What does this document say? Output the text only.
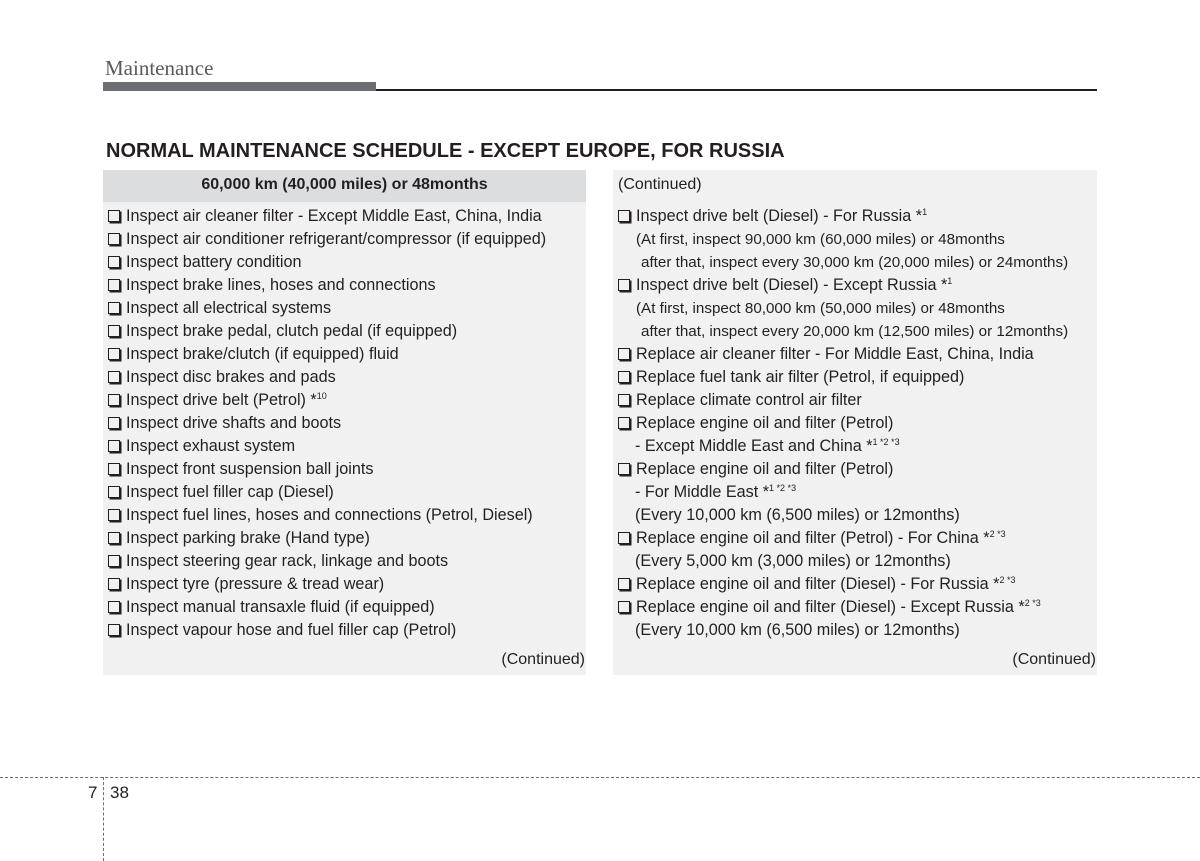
Maintenance
NORMAL MAINTENANCE SCHEDULE - EXCEPT EUROPE, FOR RUSSIA
60,000 km (40,000 miles) or 48months
Inspect air cleaner filter - Except Middle East, China, India
Inspect air conditioner refrigerant/compressor (if equipped)
Inspect battery condition
Inspect brake lines, hoses and connections
Inspect all electrical systems
Inspect brake pedal, clutch pedal (if equipped)
Inspect brake/clutch (if equipped) fluid
Inspect disc brakes and pads
Inspect drive belt (Petrol) *$^{10}$
Inspect drive shafts and boots
Inspect exhaust system
Inspect front suspension ball joints
Inspect fuel filler cap (Diesel)
Inspect fuel lines, hoses and connections (Petrol, Diesel)
Inspect parking brake (Hand type)
Inspect steering gear rack, linkage and boots
Inspect tyre (pressure & tread wear)
Inspect manual transaxle fluid (if equipped)
Inspect vapour hose and fuel filler cap (Petrol)
(Continued)
(Continued)
Inspect drive belt (Diesel) - For Russia *$^1$
(At first, inspect 90,000 km (60,000 miles) or 48months
after that, inspect every 30,000 km (20,000 miles) or 24months)
Inspect drive belt (Diesel) - Except Russia *$^1$
(At first, inspect 80,000 km (50,000 miles) or 48months
after that, inspect every 20,000 km (12,500 miles) or 12months)
Replace air cleaner filter - For Middle East, China, India
Replace fuel tank air filter (Petrol, if equipped)
Replace climate control air filter
Replace engine oil and filter (Petrol)
- Except Middle East and China *$^{1 *2 *3}$
Replace engine oil and filter (Petrol)
- For Middle East *$^{1 *2 *3}$
(Every 10,000 km (6,500 miles) or 12months)
Replace engine oil and filter (Petrol) - For China *$^{2 *3}$
(Every 5,000 km (3,000 miles) or 12months)
Replace engine oil and filter (Diesel) - For Russia *$^{2 *3}$
Replace engine oil and filter (Diesel) - Except Russia *$^{2 *3}$
(Every 10,000 km (6,500 miles) or 12months)
(Continued)
7 38
